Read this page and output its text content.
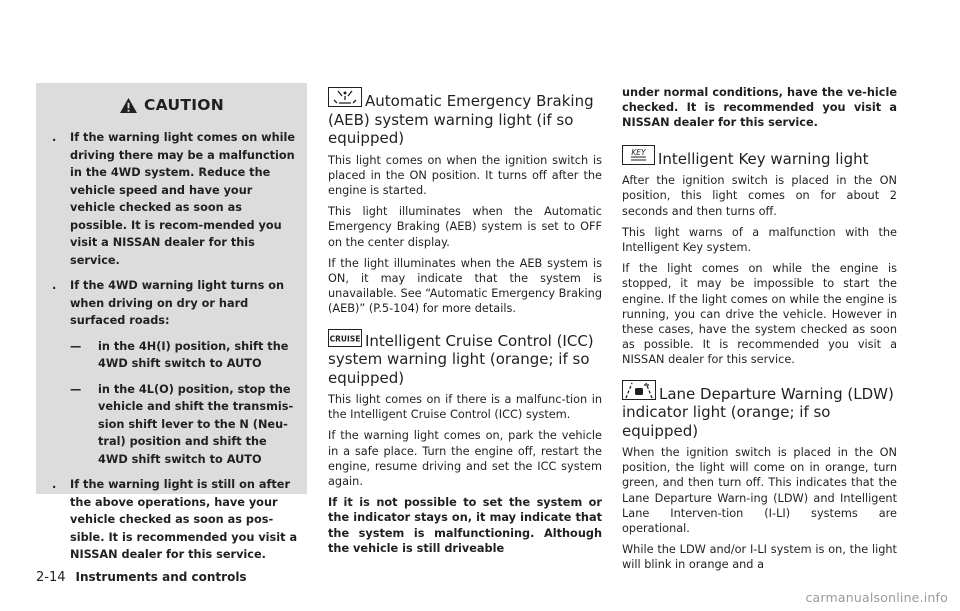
CAUTION
. If the warning light comes on while driving there may be a malfunction in the 4WD system. Reduce the vehicle speed and have your vehicle checked as soon as possible. It is recom-mended you visit a NISSAN dealer for this service.
. If the 4WD warning light turns on when driving on dry or hard surfaced roads:
— in the 4H(I) position, shift the 4WD shift switch to AUTO
— in the 4L(O) position, stop the vehicle and shift the transmis-sion shift lever to the N (Neu-tral) position and shift the 4WD shift switch to AUTO
. If the warning light is still on after the above operations, have your vehicle checked as soon as pos-sible. It is recommended you visit a NISSAN dealer for this service.
Automatic Emergency Braking (AEB) system warning light (if so equipped)

This light comes on when the ignition switch is placed in the ON position. It turns off after the engine is started.

This light illuminates when the Automatic Emergency Braking (AEB) system is set to OFF on the center display.

If the light illuminates when the AEB system is ON, it may indicate that the system is unavailable. See “Automatic Emergency Braking (AEB)” (P.5-104) for more details.

CRUISE Intelligent Cruise Control (ICC) system warning light (orange; if so equipped)

This light comes on if there is a malfunc-tion in the Intelligent Cruise Control (ICC) system.

If the warning light comes on, park the vehicle in a safe place. Turn the engine off, restart the engine, resume driving and set the ICC system again.

If it is not possible to set the system or the indicator stays on, it may indicate that the system is malfunctioning. Although the vehicle is still driveable

under normal conditions, have the ve-hicle checked. It is recommended you visit a NISSAN dealer for this service.

KEY Intelligent Key warning light

After the ignition switch is placed in the ON position, this light comes on for about 2 seconds and then turns off.

This light warns of a malfunction with the Intelligent Key system.

If the light comes on while the engine is stopped, it may be impossible to start the engine. If the light comes on while the engine is running, you can drive the vehicle. However in these cases, have the system checked as soon as possible. It is recommended you visit a NISSAN dealer for this service.

Lane Departure Warning (LDW) indicator light (orange; if so equipped)

When the ignition switch is placed in the ON position, the light will come on in orange, turn green, and then turn off. This indicates that the Lane Departure Warn-ing (LDW) and Intelligent Lane Interven-tion (I-LI) systems are operational.

While the LDW and/or I-LI system is on, the light will blink in orange and a

2-14 Instruments and controls
carmanualsonline.info
